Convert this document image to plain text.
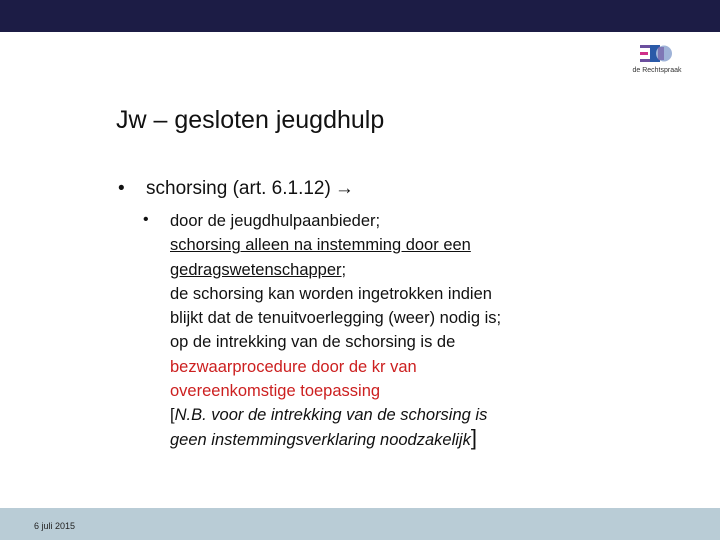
de Rechtspraak
Jw – gesloten jeugdhulp
• schorsing (art. 6.1.12) →
• door de jeugdhulpaanbieder;
schorsing alleen na instemming door een
gedragswetenschapper;
de schorsing kan worden ingetrokken indien
blijkt dat de tenuitvoerlegging (weer) nodig is;
op de intrekking van de schorsing is de
bezwaarprocedure door de kr van
overeenkomstige toepassing
[N.B. voor de intrekking van de schorsing is
geen instemmingsverklaring noodzakelijk]
6 juli 2015
